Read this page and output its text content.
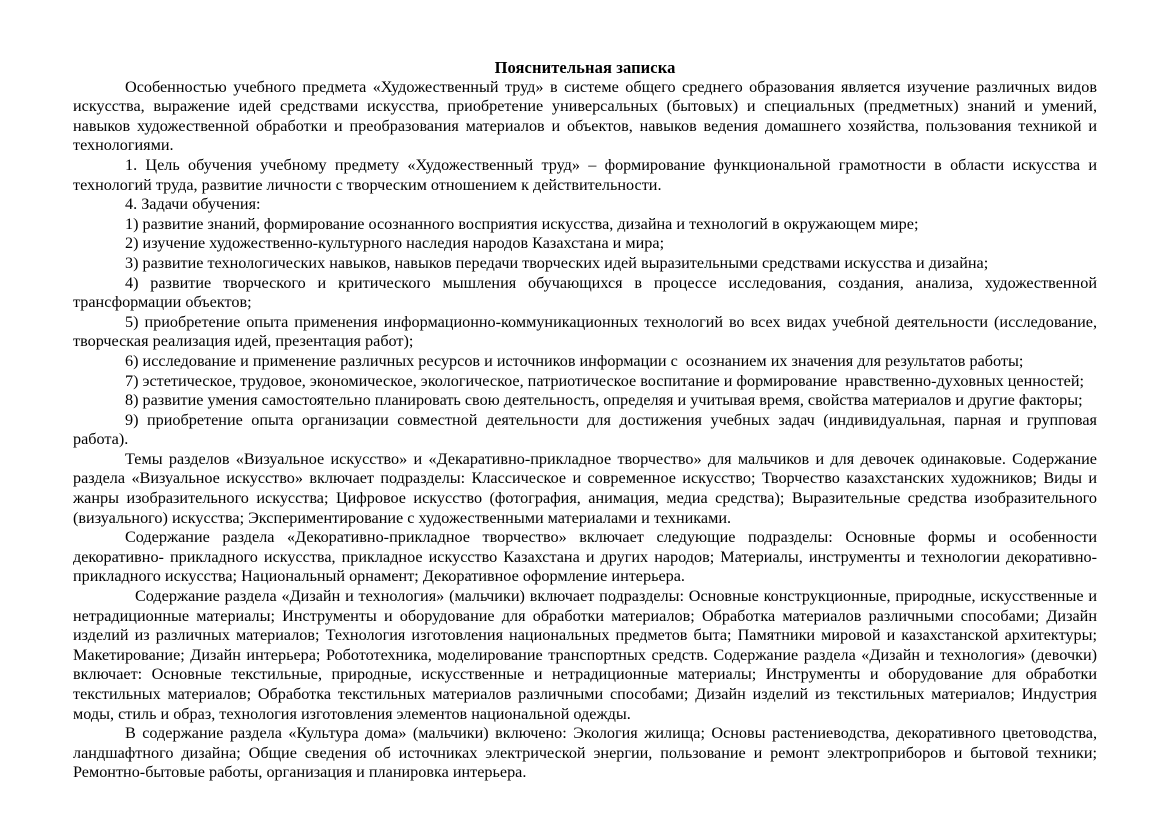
Пояснительная записка

Особенностью учебного предмета «Художественный труд» в системе общего среднего образования является изучение различных видов искусства, выражение идей средствами искусства, приобретение универсальных (бытовых) и специальных (предметных) знаний и умений, навыков художественной обработки и преобразования материалов и объектов, навыков ведения домашнего хозяйства, пользования техникой и технологиями.

1. Цель обучения учебному предмету «Художественный труд» – формирование функциональной грамотности в области искусства и технологий труда, развитие личности с творческим отношением к действительности.

4. Задачи обучения:

1) развитие знаний, формирование осознанного восприятия искусства, дизайна и технологий в окружающем мире;

2) изучение художественно-культурного наследия народов Казахстана и мира;

3) развитие технологических навыков, навыков передачи творческих идей выразительными средствами искусства и дизайна;

4) развитие творческого и критического мышления обучающихся в процессе исследования, создания, анализа, художественной трансформации объектов;

5) приобретение опыта применения информационно-коммуникационных технологий во всех видах учебной деятельности (исследование, творческая реализация идей, презентация работ);

6) исследование и применение различных ресурсов и источников информации с  осознанием их значения для результатов работы;

7) эстетическое, трудовое, экономическое, экологическое, патриотическое воспитание и формирование  нравственно-духовных ценностей;

8) развитие умения самостоятельно планировать свою деятельность, определяя и учитывая время, свойства материалов и другие факторы;

9) приобретение опыта организации совместной деятельности для достижения учебных задач (индивидуальная, парная и групповая работа).

Темы разделов «Визуальное искусство» и «Декаративно-прикладное творчество» для мальчиков и для девочек одинаковые. Содержание раздела «Визуальное искусство» включает подразделы: Классическое и современное искусство; Творчество казахстанских художников; Виды и жанры изобразительного искусства; Цифровое искусство (фотография, анимация, медиа средства); Выразительные средства изобразительного (визуального) искусства; Экспериментирование с художественными материалами и техниками.

Содержание раздела «Декоративно-прикладное творчество» включает следующие подразделы: Основные формы и особенности декоративно- прикладного искусства, прикладное искусство Казахстана и других народов; Материалы, инструменты и технологии декоративно-прикладного искусства; Национальный орнамент; Декоративное оформление интерьера.

Содержание раздела «Дизайн и технология» (мальчики) включает подразделы: Основные конструкционные, природные, искусственные и нетрадиционные материалы; Инструменты и оборудование для обработки материалов; Обработка материалов различными способами; Дизайн изделий из различных материалов; Технология изготовления национальных предметов быта; Памятники мировой и казахстанской архитектуры; Макетирование; Дизайн интерьера; Робототехника, моделирование транспортных средств. Содержание раздела «Дизайн и технология» (девочки) включает: Основные текстильные, природные, искусственные и нетрадиционные материалы; Инструменты и оборудование для обработки текстильных материалов; Обработка текстильных материалов различными способами; Дизайн изделий из текстильных материалов; Индустрия моды, стиль и образ, технология изготовления элементов национальной одежды.

В содержание раздела «Культура дома» (мальчики) включено: Экология жилища; Основы растениеводства, декоративного цветоводства, ландшафтного дизайна; Общие сведения об источниках электрической энергии, пользование и ремонт электроприборов и бытовой техники; Ремонтно-бытовые работы, организация и планировка интерьера.
